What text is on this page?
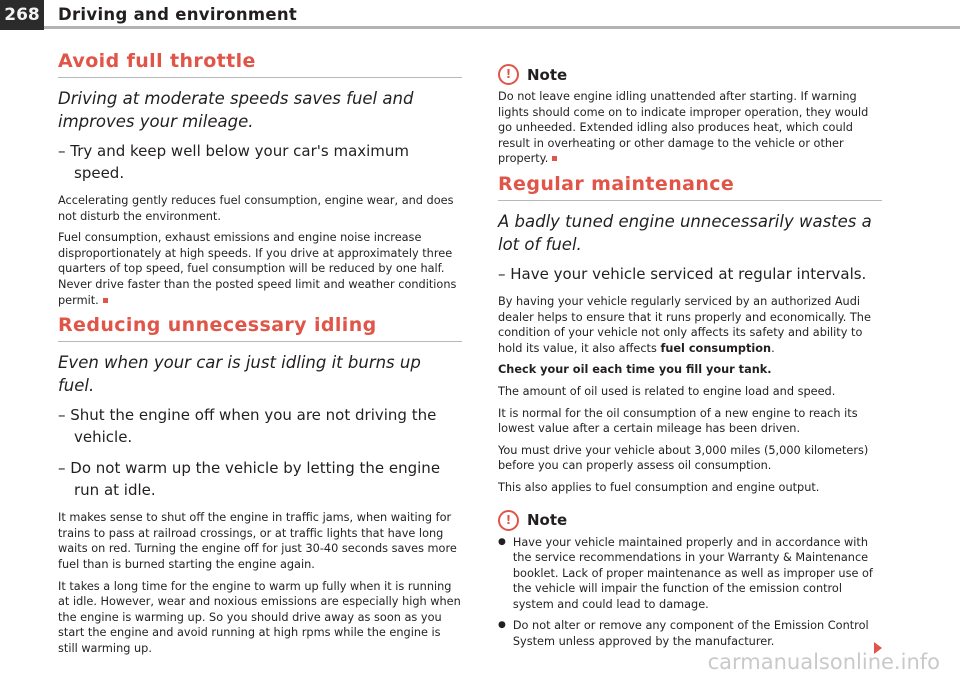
268 Driving and environment
Avoid full throttle
Driving at moderate speeds saves fuel and improves your mileage.
– Try and keep well below your car's maximum speed.

Accelerating gently reduces fuel consumption, engine wear, and does not disturb the environment.

Fuel consumption, exhaust emissions and engine noise increase disproportionately at high speeds. If you drive at approximately three quarters of top speed, fuel consumption will be reduced by one half. Never drive faster than the posted speed limit and weather conditions permit.

Reducing unnecessary idling
Even when your car is just idling it burns up fuel.
– Shut the engine off when you are not driving the vehicle.
– Do not warm up the vehicle by letting the engine run at idle.

It makes sense to shut off the engine in traffic jams, when waiting for trains to pass at railroad crossings, or at traffic lights that have long waits on red. Turning the engine off for just 30-40 seconds saves more fuel than is burned starting the engine again.

It takes a long time for the engine to warm up fully when it is running at idle. However, wear and noxious emissions are especially high when the engine is warming up. So you should drive away as soon as you start the engine and avoid running at high rpms while the engine is still warming up.

!	Note

Do not leave engine idling unattended after starting. If warning lights should come on to indicate improper operation, they would go unheeded. Extended idling also produces heat, which could result in overheating or other damage to the vehicle or other property.

Regular maintenance
A badly tuned engine unnecessarily wastes a lot of fuel.
– Have your vehicle serviced at regular intervals.

By having your vehicle regularly serviced by an authorized Audi dealer helps to ensure that it runs properly and economically. The condition of your vehicle not only affects its safety and ability to hold its value, it also affects fuel consumption.

Check your oil each time you fill your tank.

The amount of oil used is related to engine load and speed.

It is normal for the oil consumption of a new engine to reach its lowest value after a certain mileage has been driven.

You must drive your vehicle about 3,000 miles (5,000 kilometers) before you can properly assess oil consumption.

This also applies to fuel consumption and engine output.

!	Note
● Have your vehicle maintained properly and in accordance with the service recommendations in your Warranty & Maintenance booklet. Lack of proper maintenance as well as improper use of the vehicle will impair the function of the emission control system and could lead to damage.

● Do not alter or remove any component of the Emission Control System unless approved by the manufacturer.

carmanualsonline.info
